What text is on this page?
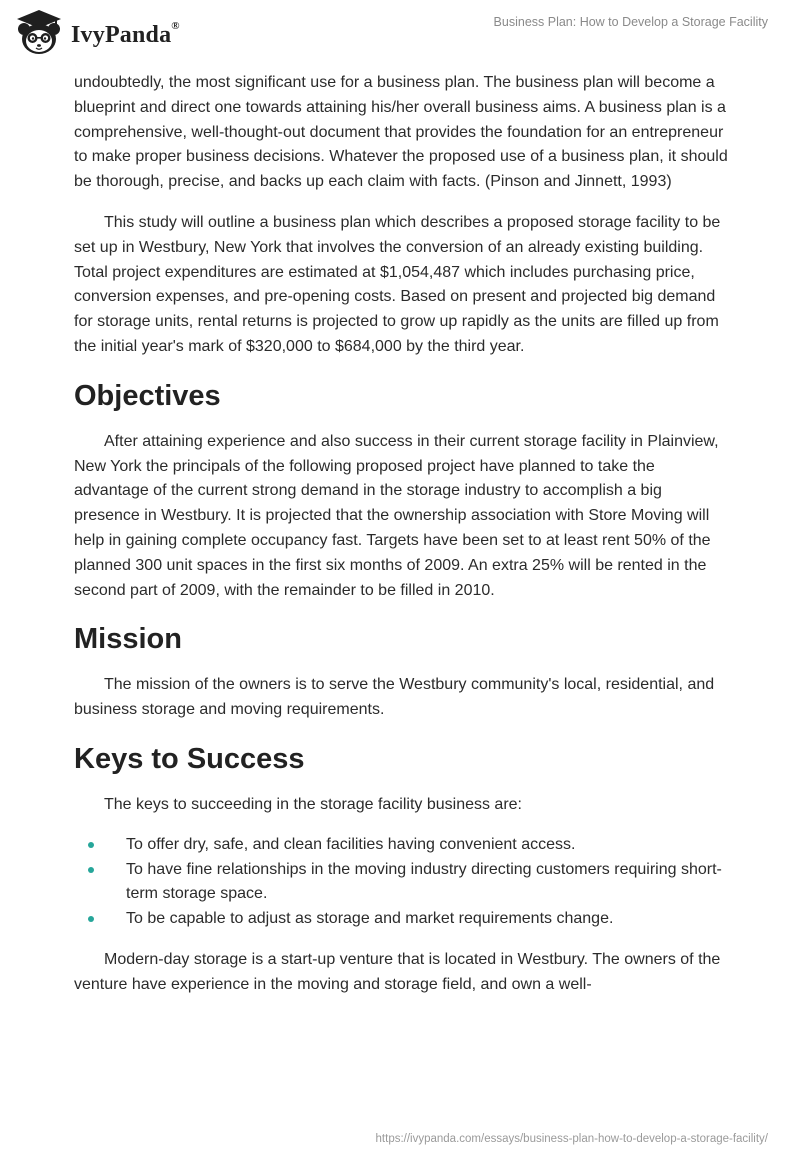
IvyPanda®	Business Plan: How to Develop a Storage Facility

undoubtedly, the most significant use for a business plan. The business plan will become a blueprint and direct one towards attaining his/her overall business aims. A business plan is a comprehensive, well-thought-out document that provides the foundation for an entrepreneur to make proper business decisions. Whatever the proposed use of a business plan, it should be thorough, precise, and backs up each claim with facts. (Pinson and Jinnett, 1993)

This study will outline a business plan which describes a proposed storage facility to be set up in Westbury, New York that involves the conversion of an already existing building. Total project expenditures are estimated at $1,054,487 which includes purchasing price, conversion expenses, and pre-opening costs. Based on present and projected big demand for storage units, rental returns is projected to grow up rapidly as the units are filled up from the initial year's mark of $320,000 to $684,000 by the third year.

Objectives

After attaining experience and also success in their current storage facility in Plainview, New York the principals of the following proposed project have planned to take the advantage of the current strong demand in the storage industry to accomplish a big presence in Westbury. It is projected that the ownership association with Store Moving will help in gaining complete occupancy fast. Targets have been set to at least rent 50% of the planned 300 unit spaces in the first six months of 2009. An extra 25% will be rented in the second part of 2009, with the remainder to be filled in 2010.

Mission

The mission of the owners is to serve the Westbury community's local, residential, and business storage and moving requirements.

Keys to Success

The keys to succeeding in the storage facility business are:

To offer dry, safe, and clean facilities having convenient access.
To have fine relationships in the moving industry directing customers requiring short-term storage space.
To be capable to adjust as storage and market requirements change.

Modern-day storage is a start-up venture that is located in Westbury. The owners of the venture have experience in the moving and storage field, and own a well-

https://ivypanda.com/essays/business-plan-how-to-develop-a-storage-facility/
